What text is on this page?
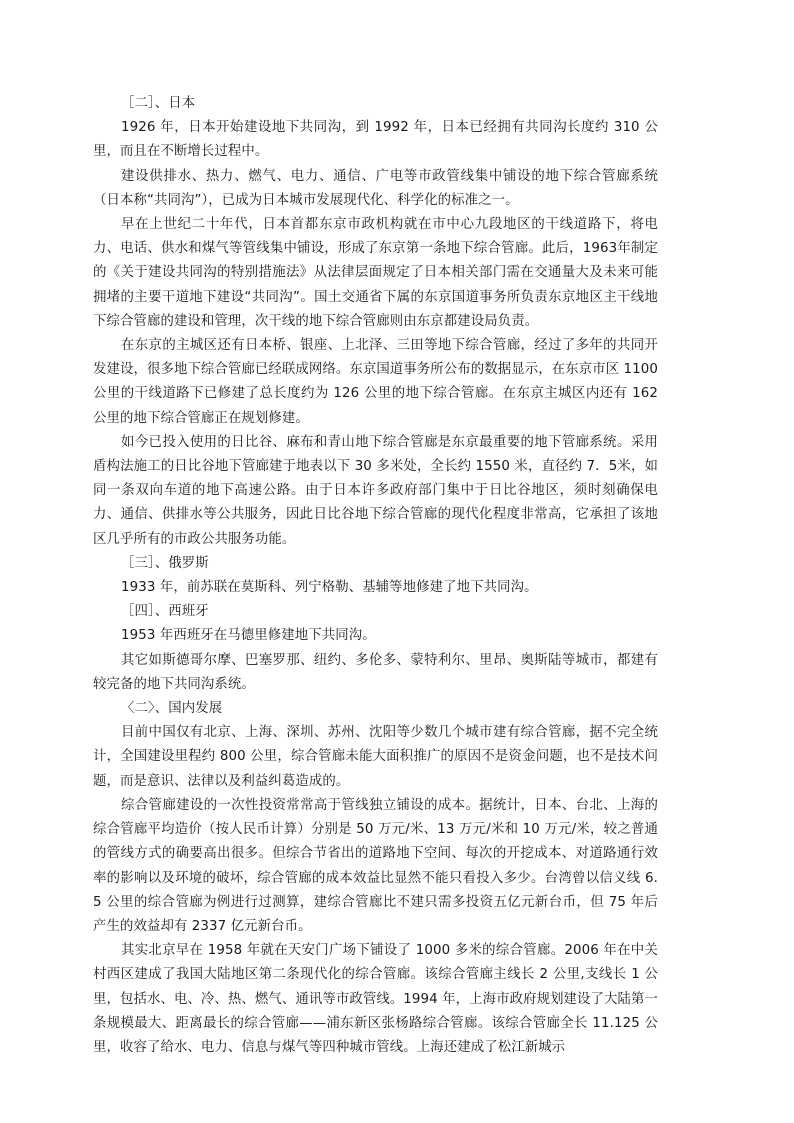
［二］、日本

1926 年，日本开始建设地下共同沟，到 1992 年，日本已经拥有共同沟长度约 310 公里，而且在不断增长过程中。

建设供排水、热力、燃气、电力、通信、广电等市政管线集中铺设的地下综合管廊系统（日本称“共同沟”），已成为日本城市发展现代化、科学化的标准之一。

早在上世纪二十年代，日本首都东京市政机构就在市中心九段地区的干线道路下，将电力、电话、供水和煤气等管线集中铺设，形成了东京第一条地下综合管廊。此后，1963年制定的《关于建设共同沟的特别措施法》从法律层面规定了日本相关部门需在交通量大及未来可能拥堵的主要干道地下建设“共同沟”。国土交通省下属的东京国道事务所负责东京地区主干线地下综合管廊的建设和管理，次干线的地下综合管廊则由东京都建设局负责。

在东京的主城区还有日本桥、银座、上北泽、三田等地下综合管廊，经过了多年的共同开发建设，很多地下综合管廊已经联成网络。东京国道事务所公布的数据显示，在东京市区 1100 公里的干线道路下已修建了总长度约为 126 公里的地下综合管廊。在东京主城区内还有 162 公里的地下综合管廊正在规划修建。

如今已投入使用的日比谷、麻布和青山地下综合管廊是东京最重要的地下管廊系统。采用盾构法施工的日比谷地下管廊建于地表以下 30 多米处，全长约 1550 米，直径约 7．5米，如同一条双向车道的地下高速公路。由于日本许多政府部门集中于日比谷地区，须时刻确保电力、通信、供排水等公共服务，因此日比谷地下综合管廊的现代化程度非常高，它承担了该地区几乎所有的市政公共服务功能。

［三］、俄罗斯

1933 年，前苏联在莫斯科、列宁格勒、基辅等地修建了地下共同沟。

［四］、西班牙

1953 年西班牙在马德里修建地下共同沟。

其它如斯德哥尔摩、巴塞罗那、纽约、多伦多、蒙特利尔、里昂、奥斯陆等城市，都建有较完备的地下共同沟系统。

〈二〉、国内发展

目前中国仅有北京、上海、深圳、苏州、沈阳等少数几个城市建有综合管廊，据不完全统计，全国建设里程约 800 公里，综合管廊未能大面积推广的原因不是资金问题，也不是技术问题，而是意识、法律以及利益纠葛造成的。

综合管廊建设的一次性投资常常高于管线独立铺设的成本。据统计，日本、台北、上海的综合管廊平均造价（按人民币计算）分别是 50 万元/米、13 万元/米和 10 万元/米，较之普通的管线方式的确要高出很多。但综合节省出的道路地下空间、每次的开挖成本、对道路通行效率的影响以及环境的破坏，综合管廊的成本效益比显然不能只看投入多少。台湾曾以信义线 6.5 公里的综合管廊为例进行过测算，建综合管廊比不建只需多投资五亿元新台币，但 75 年后产生的效益却有 2337 亿元新台币。

其实北京早在 1958 年就在天安门广场下铺设了 1000 多米的综合管廊。2006 年在中关村西区建成了我国大陆地区第二条现代化的综合管廊。该综合管廊主线长 2 公里,支线长 1 公里，包括水、电、冷、热、燃气、通讯等市政管线。1994 年，上海市政府规划建设了大陆第一条规模最大、距离最长的综合管廊——浦东新区张杨路综合管廊。该综合管廊全长 11.125 公里，收容了给水、电力、信息与煤气等四种城市管线。上海还建成了松江新城示
